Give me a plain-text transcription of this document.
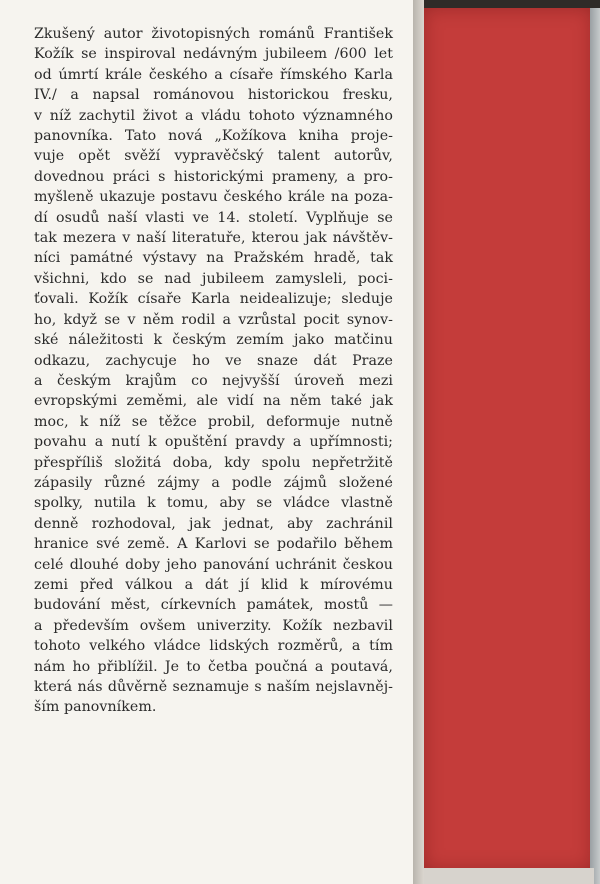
Zkušený autor životopisných románů František
Kožík se inspiroval nedávným jubileem /600 let
od úmrtí krále českého a císaře římského Karla
IV./ a napsal románovou historickou fresku,
v níž zachytil život a vládu tohoto významného
panovníka. Tato nová „Kožíkova kniha proje-
vuje opět svěží vypravěčský talent autorův,
dovednou práci s historickými prameny, a pro-
myšleně ukazuje postavu českého krále na poza-
dí osudů naší vlasti ve 14. století. Vyplňuje se
tak mezera v naší literatuře, kterou jak návštěv-
níci památné výstavy na Pražském hradě, tak
všichni, kdo se nad jubileem zamysleli, poci-
ťovali. Kožík císaře Karla neidealizuje; sleduje
ho, když se v něm rodil a vzrůstal pocit synov-
ské náležitosti k českým zemím jako matčinu
odkazu, zachycuje ho ve snaze dát Praze
a českým krajům co nejvyšší úroveň mezi
evropskými zeměmi, ale vidí na něm také jak
moc, k níž se těžce probil, deformuje nutně
povahu a nutí k opuštění pravdy a upřímnosti;
přespříliš složitá doba, kdy spolu nepřetržitě
zápasily různé zájmy a podle zájmů složené
spolky, nutila k tomu, aby se vládce vlastně
denně rozhodoval, jak jednat, aby zachránil
hranice své země. A Karlovi se podařilo během
celé dlouhé doby jeho panování uchránit českou
zemi před válkou a dát jí klid k mírovému
budování měst, církevních památek, mostů —
a především ovšem univerzity. Kožík nezbavil
tohoto velkého vládce lidských rozměrů, a tím
nám ho přiblížil. Je to četba poučná a poutavá,
která nás důvěrně seznamuje s naším nejslavněj-
ším panovníkem.
